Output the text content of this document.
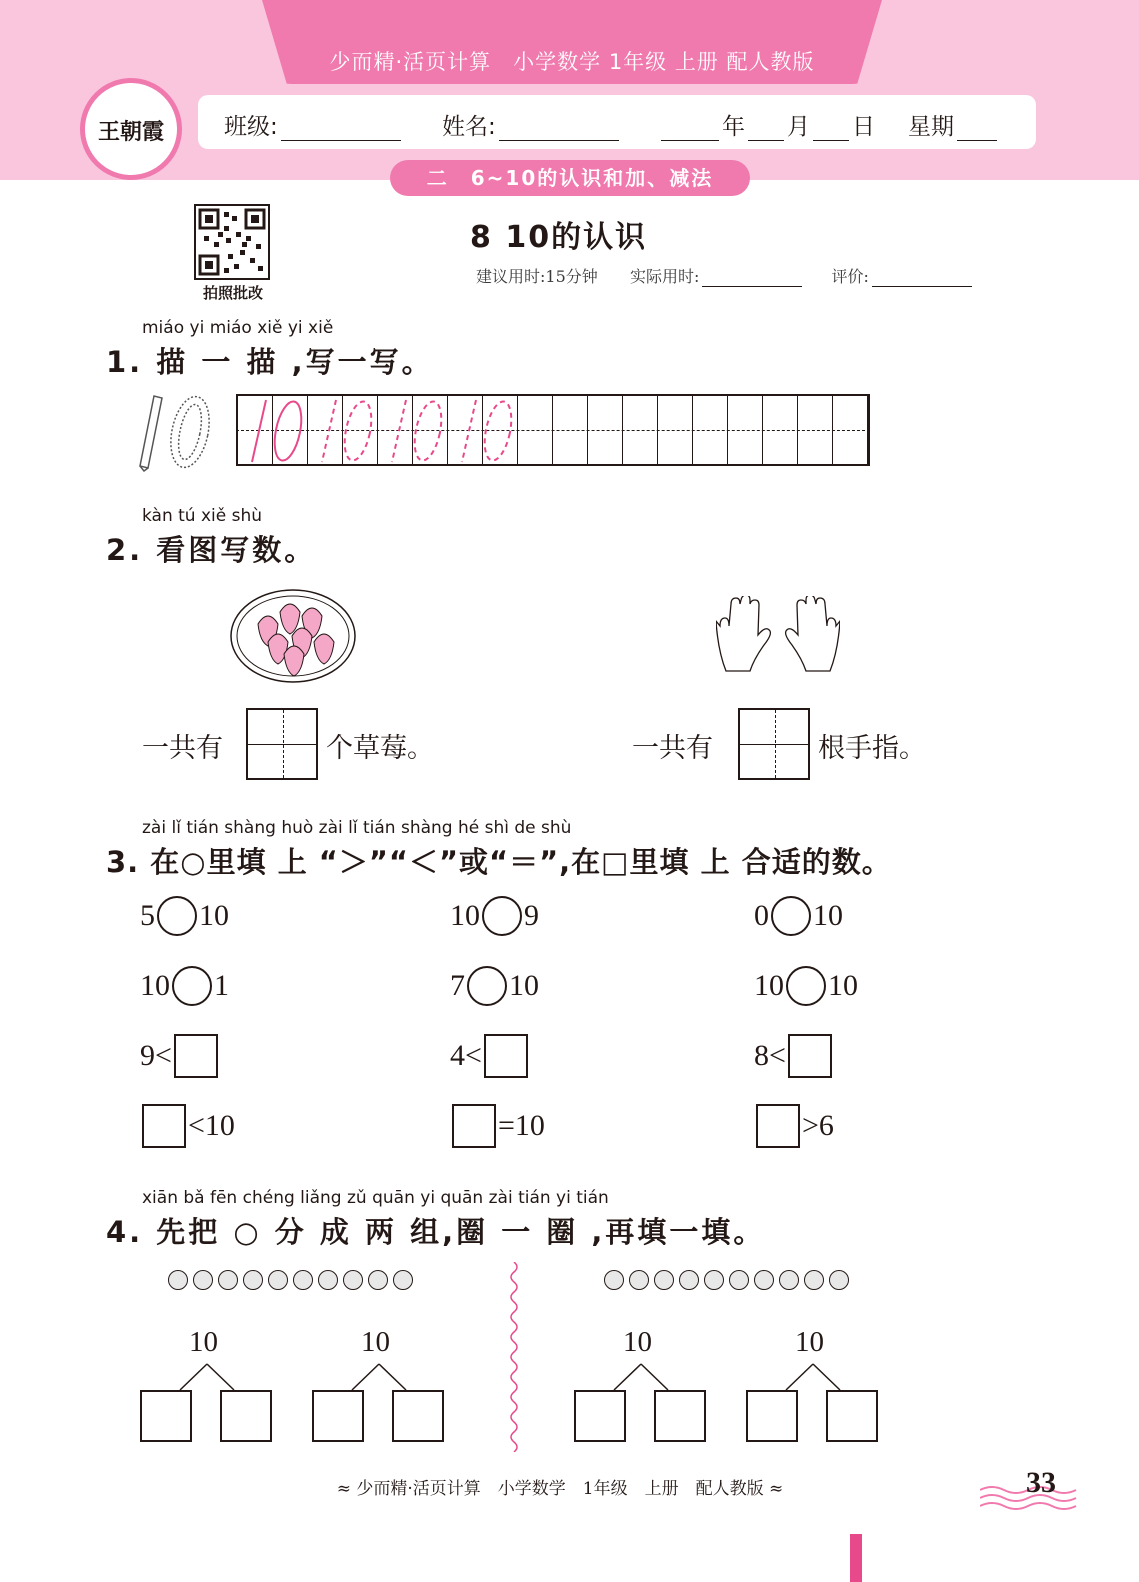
少而精·活页计算　小学数学 1年级 上册 配人教版
王朝霞	班级:	姓名:	年 月 日 星期
二　6~10的认识和加、减法
拍照批改
8 10的认识
建议用时:15分钟 实际用时:	评价:
miáo yi miáo xiě yi xiě
1. 描 一 描 ,写一写。
kàn tú xiě shù
2. 看图写数。
一共有	个草莓。	一共有	根手指。
zài lǐ tián shàng huò zài lǐ tián shàng hé shì de shù
3. 在○里填 上 “＞”“＜”或“＝”,在□里填 上 合适的数。
5 10	10 9	0 10
10 1	7 10	10 10
9<	4<	8<
<10	=10	>6
xiān bǎ fēn chéng liǎng zǔ quān yi quān zài tián yi tián
4. 先把 ○ 分 成 两 组,圈 一 圈 ,再填一填。
10	10	10	10
≈ 少而精·活页计算　小学数学　1年级　上册　配人教版 ≈	33
